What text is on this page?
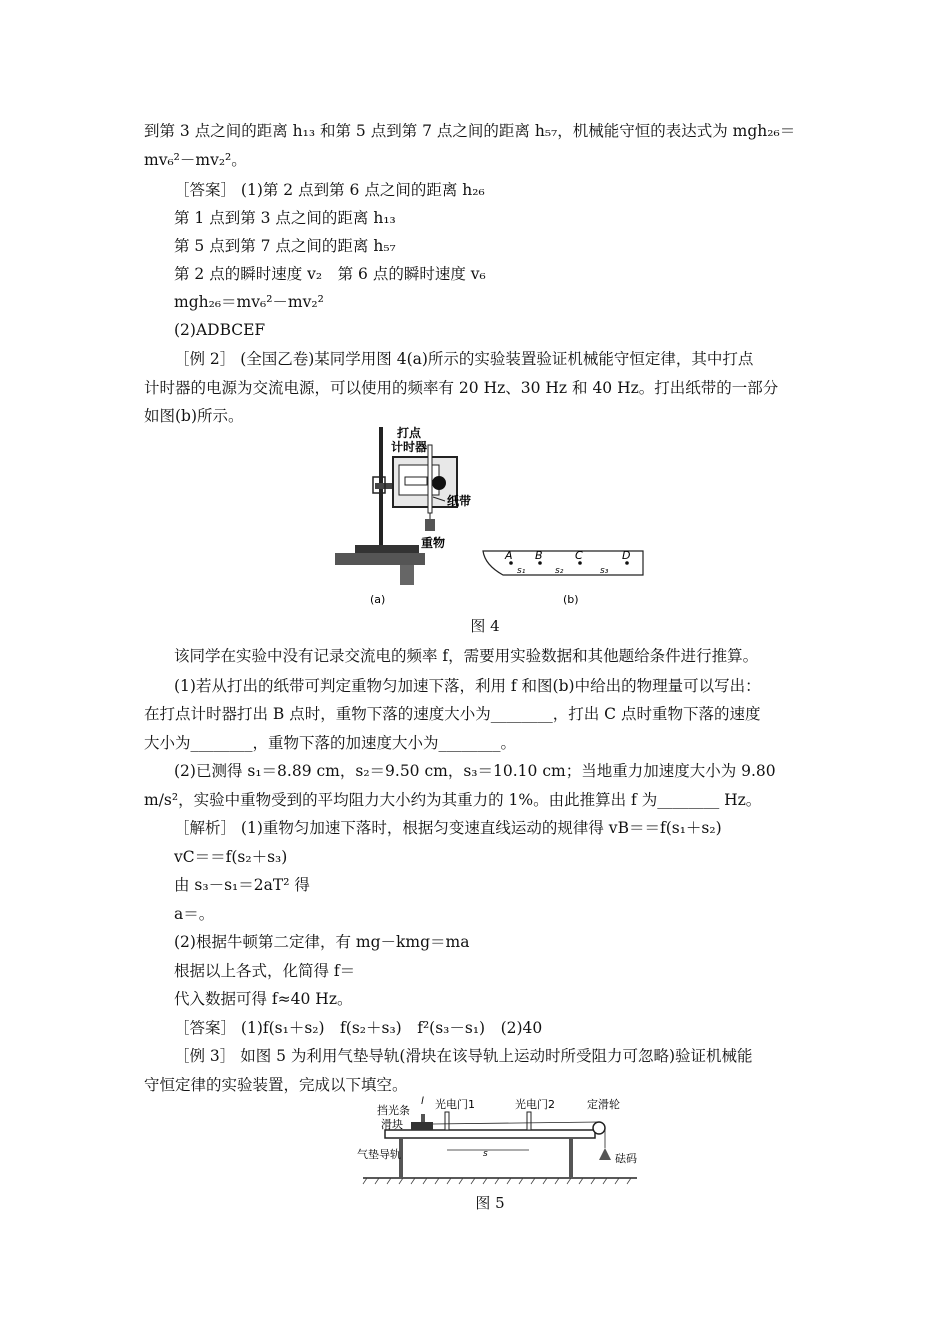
到第 3 点之间的距离 h₁₃ 和第 5 点到第 7 点之间的距离 h₅₇，机械能守恒的表达式为 mgh₂₆＝
mv₆²－mv₂²。
［答案］ (1)第 2 点到第 6 点之间的距离 h₂₆
第 1 点到第 3 点之间的距离 h₁₃
第 5 点到第 7 点之间的距离 h₅₇
第 2 点的瞬时速度 v₂　第 6 点的瞬时速度 v₆
mgh₂₆＝mv₆²－mv₂²
(2)ADBCEF
［例 2］ (全国乙卷)某同学用图 4(a)所示的实验装置验证机械能守恒定律，其中打点
计时器的电源为交流电源，可以使用的频率有 20 Hz、30 Hz 和 40 Hz。打出纸带的一部分
如图(b)所示。
打点
计时器
纸带
重物
(a)
A B	C	D
s₁	s₂	s₃
(b)
图 4
该同学在实验中没有记录交流电的频率 f，需要用实验数据和其他题给条件进行推算。
(1)若从打出的纸带可判定重物匀加速下落，利用 f 和图(b)中给出的物理量可以写出：
在打点计时器打出 B 点时，重物下落的速度大小为________，打出 C 点时重物下落的速度
大小为________，重物下落的加速度大小为________。
(2)已测得 s₁＝8.89 cm，s₂＝9.50 cm，s₃＝10.10 cm；当地重力加速度大小为 9.80
m/s²，实验中重物受到的平均阻力大小约为其重力的 1%。由此推算出 f 为________ Hz。
［解析］ (1)重物匀加速下落时，根据匀变速直线运动的规律得 vB＝＝f(s₁＋s₂)
vC＝＝f(s₂＋s₃)
由 s₃－s₁＝2aT² 得
a＝。
(2)根据牛顿第二定律，有 mg－kmg＝ma
根据以上各式，化简得 f＝
代入数据可得 f≈40 Hz。
［答案］ (1)f(s₁＋s₂)　f(s₂＋s₃)　f²(s₃－s₁)　(2)40
［例 3］ 如图 5 为利用气垫导轨(滑块在该导轨上运动时所受阻力可忽略)验证机械能
守恒定律的实验装置，完成以下填空。
s
l 光电门1	光电门2	定滑轮
挡光条
滑块
气垫导轨	砝码
图 5
